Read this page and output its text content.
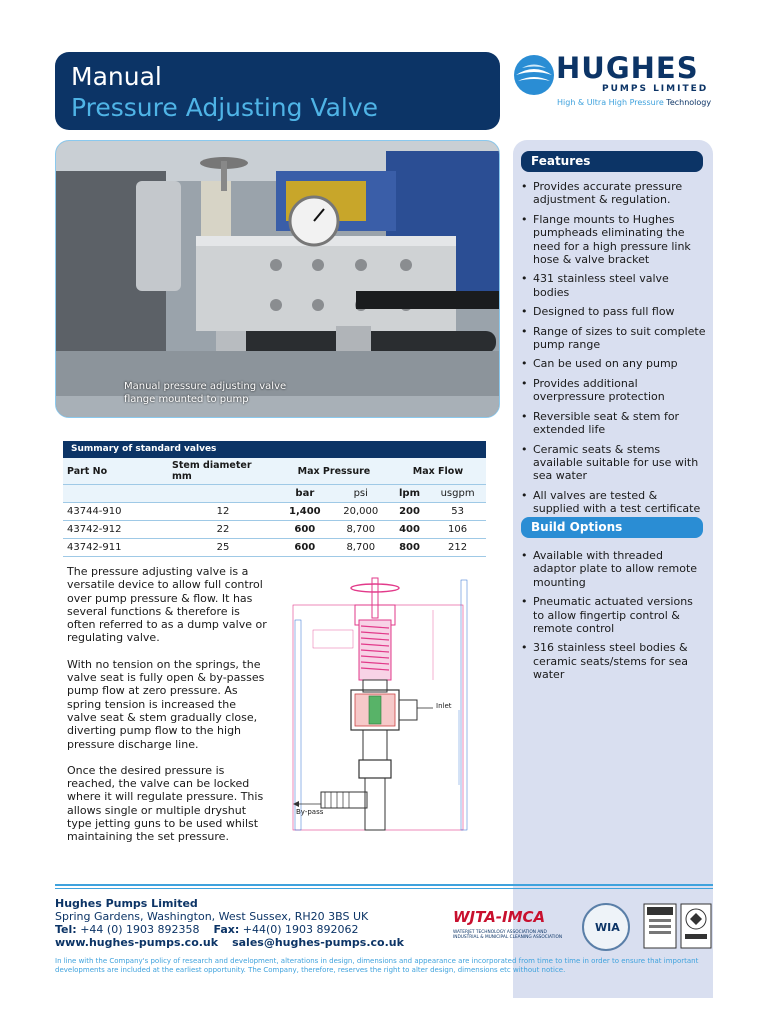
Manual
Pressure Adjusting Valve
HUGHES
PUMPS LIMITED
High & Ultra High Pressure Technology
Manual pressure adjusting valve
flange mounted to pump
Features
• Provides accurate pressure adjustment & regulation.
• Flange mounts to Hughes pumpheads eliminating the need for a high pressure link hose & valve bracket
• 431 stainless steel valve bodies
• Designed to pass full flow
• Range of sizes to suit complete pump range
• Can be used on any pump
• Provides additional overpressure protection
• Reversible seat & stem for extended life
• Ceramic seats & stems available suitable for use with sea water
• All valves are tested & supplied with a test certificate
Build Options
• Available with threaded adaptor plate to allow remote mounting
• Pneumatic actuated versions to allow fingertip control & remote control
• 316 stainless steel bodies & ceramic seats/stems for sea water
Summary of standard valves
Part No	Stem diameter mm	Max Pressure		Max Flow	
		bar	psi	lpm	usgpm
43744-910	12	1,400	20,000	200	53
43742-912	22	600	8,700	400	106
43742-911	25	600	8,700	800	212

The pressure adjusting valve is a versatile device to allow full control over pump pressure & flow. It has several functions & therefore is often referred to as a dump valve or regulating valve.

With no tension on the springs, the valve seat is fully open & by-passes pump flow at zero pressure. As spring tension is increased the valve seat & stem gradually close, diverting pump flow to the high pressure discharge line.

Once the desired pressure is reached, the valve can be locked where it will regulate pressure. This allows single or multiple dryshut type jetting guns to be used whilst maintaining the set pressure.

Inlet
By-pass
Hughes Pumps Limited
Spring Gardens, Washington, West Sussex, RH20 3BS UK
Tel: +44 (0) 1903 892358 Fax: +44(0) 1903 892062
www.hughes-pumps.co.uk sales@hughes-pumps.co.uk
WJTA-IMCA
WATERJET TECHNOLOGY ASSOCIATION AND INDUSTRIAL & MUNICIPAL CLEANING ASSOCIATION
WIA
In line with the Company's policy of research and development, alterations in design, dimensions and appearance are incorporated from time to time in order to ensure that important developments are included at the earliest opportunity. The Company, therefore, reserves the right to alter design, dimensions etc without notice.
